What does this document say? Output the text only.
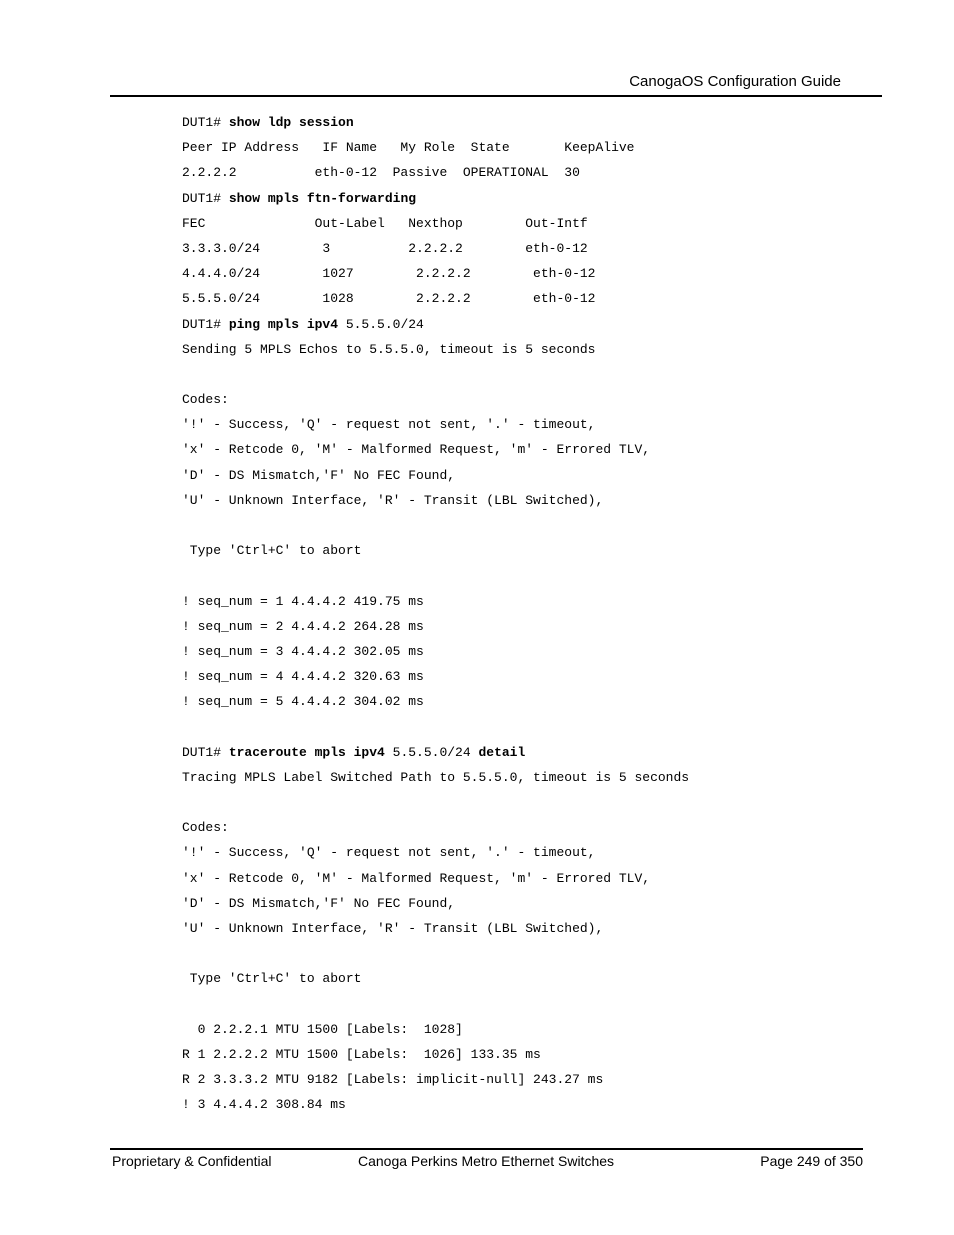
CanogaOS Configuration Guide
DUT1# show ldp session
Peer IP Address   IF Name   My Role  State       KeepAlive
2.2.2.2          eth-0-12  Passive  OPERATIONAL  30
DUT1# show mpls ftn-forwarding
FEC              Out-Label   Nexthop        Out-Intf
3.3.3.0/24        3          2.2.2.2        eth-0-12
4.4.4.0/24        1027        2.2.2.2        eth-0-12
5.5.5.0/24        1028        2.2.2.2        eth-0-12
DUT1# ping mpls ipv4 5.5.5.0/24
Sending 5 MPLS Echos to 5.5.5.0, timeout is 5 seconds
Codes:
'!' - Success, 'Q' - request not sent, '.' - timeout,
'x' - Retcode 0, 'M' - Malformed Request, 'm' - Errored TLV,
'D' - DS Mismatch,'F' No FEC Found,
'U' - Unknown Interface, 'R' - Transit (LBL Switched),
Type 'Ctrl+C' to abort
! seq_num = 1 4.4.4.2 419.75 ms
! seq_num = 2 4.4.4.2 264.28 ms
! seq_num = 3 4.4.4.2 302.05 ms
! seq_num = 4 4.4.4.2 320.63 ms
! seq_num = 5 4.4.4.2 304.02 ms
DUT1# traceroute mpls ipv4 5.5.5.0/24 detail
Tracing MPLS Label Switched Path to 5.5.5.0, timeout is 5 seconds
Codes:
'!' - Success, 'Q' - request not sent, '.' - timeout,
'x' - Retcode 0, 'M' - Malformed Request, 'm' - Errored TLV,
'D' - DS Mismatch,'F' No FEC Found,
'U' - Unknown Interface, 'R' - Transit (LBL Switched),
Type 'Ctrl+C' to abort
0 2.2.2.1 MTU 1500 [Labels:  1028]
R 1 2.2.2.2 MTU 1500 [Labels:  1026] 133.35 ms
R 2 3.3.3.2 MTU 9182 [Labels: implicit-null] 243.27 ms
! 3 4.4.4.2 308.84 ms
Proprietary & Confidential	Canoga Perkins Metro Ethernet Switches	Page 249 of 350
